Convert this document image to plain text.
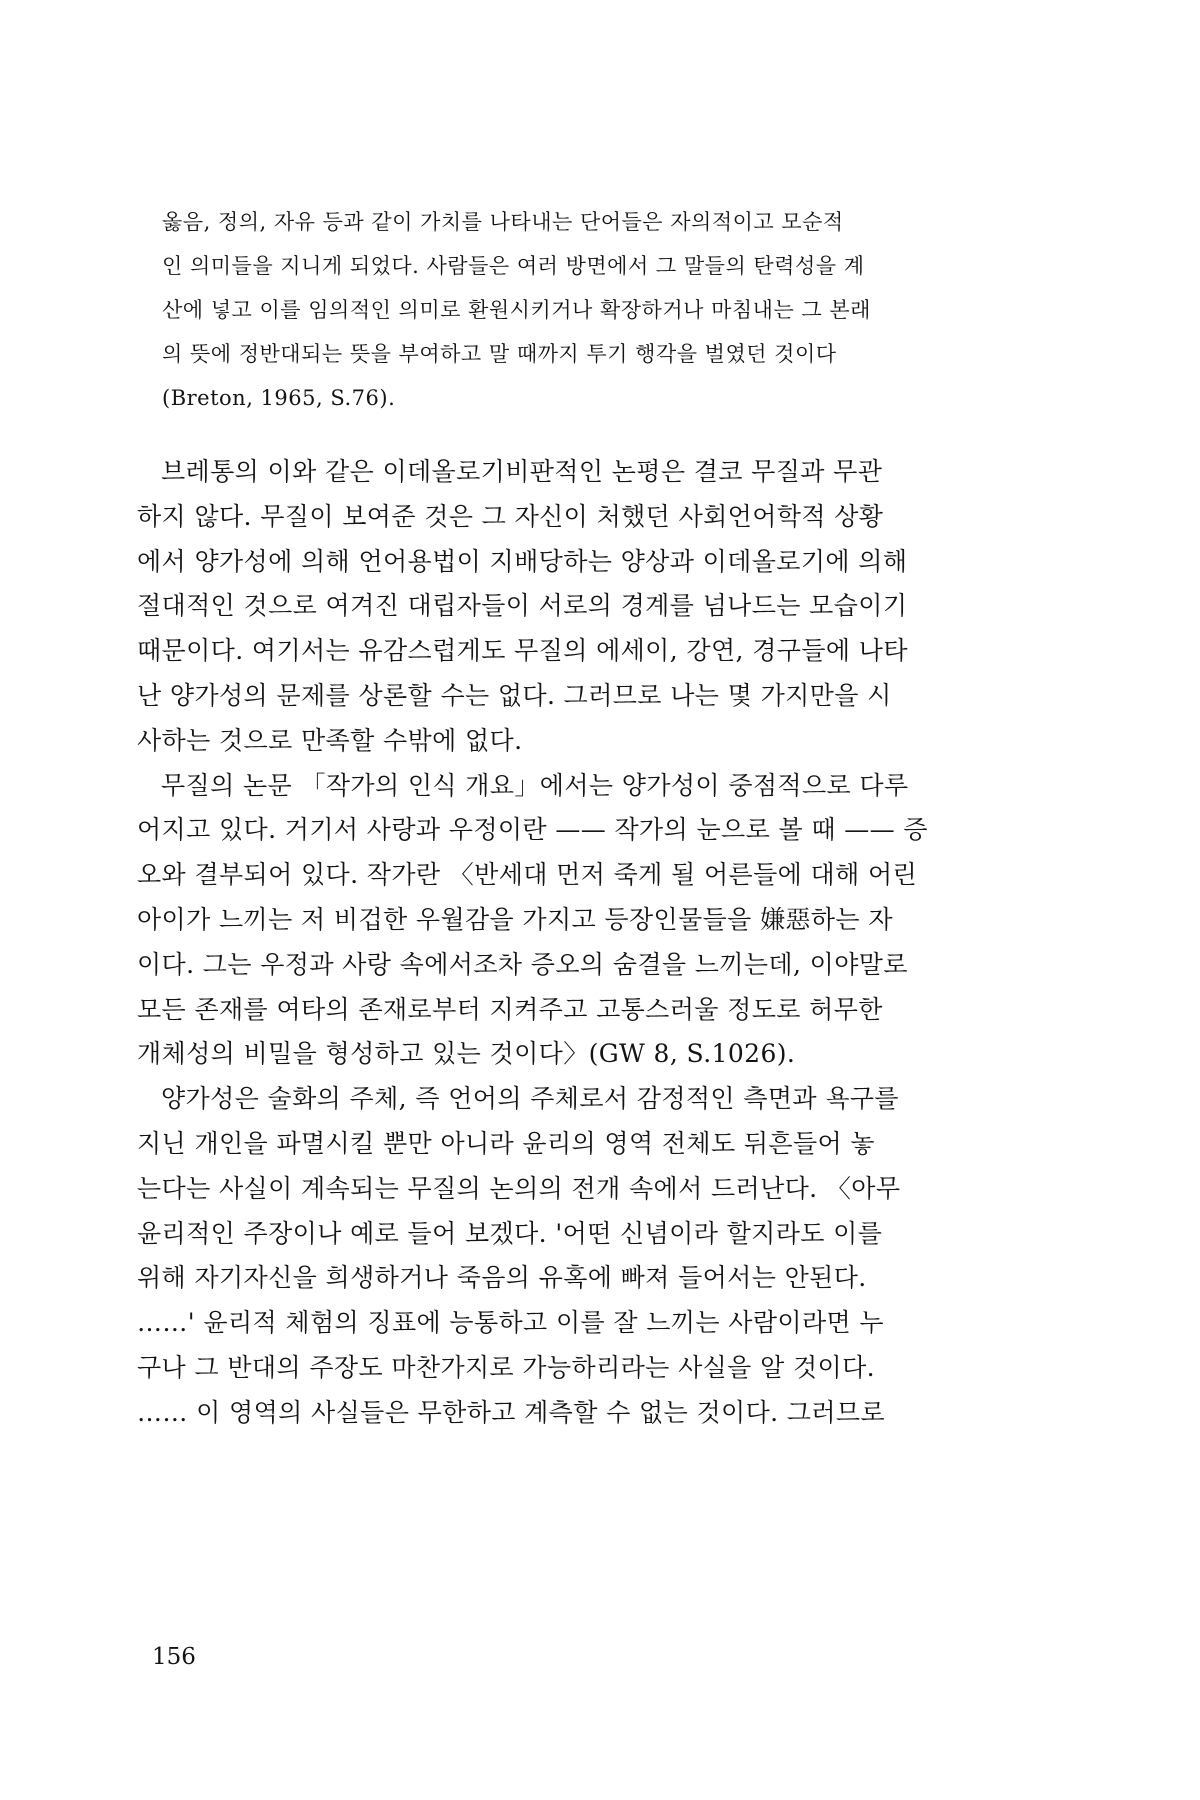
옳음, 정의, 자유 등과 같이 가치를 나타내는 단어들은 자의적이고 모순적
인 의미들을 지니게 되었다. 사람들은 여러 방면에서 그 말들의 탄력성을 계
산에 넣고 이를 임의적인 의미로 환원시키거나 확장하거나 마침내는 그 본래
의 뜻에 정반대되는 뜻을 부여하고 말 때까지 투기 행각을 벌였던 것이다
(Breton, 1965, S.76).
브레통의 이와 같은 이데올로기비판적인 논평은 결코 무질과 무관
하지 않다. 무질이 보여준 것은 그 자신이 처했던 사회언어학적 상황
에서 양가성에 의해 언어용법이 지배당하는 양상과 이데올로기에 의해
절대적인 것으로 여겨진 대립자들이 서로의 경계를 넘나드는 모습이기
때문이다. 여기서는 유감스럽게도 무질의 에세이, 강연, 경구들에 나타
난 양가성의 문제를 상론할 수는 없다. 그러므로 나는 몇 가지만을 시
사하는 것으로 만족할 수밖에 없다.
무질의 논문 「작가의 인식 개요」에서는 양가성이 중점적으로 다루
어지고 있다. 거기서 사랑과 우정이란 —— 작가의 눈으로 볼 때 —— 증
오와 결부되어 있다. 작가란 〈반세대 먼저 죽게 될 어른들에 대해 어린
아이가 느끼는 저 비겁한 우월감을 가지고 등장인물들을 嫌惡하는 자
이다. 그는 우정과 사랑 속에서조차 증오의 숨결을 느끼는데, 이야말로
모든 존재를 여타의 존재로부터 지켜주고 고통스러울 정도로 허무한
개체성의 비밀을 형성하고 있는 것이다〉(GW 8, S.1026).
양가성은 술화의 주체, 즉 언어의 주체로서 감정적인 측면과 욕구를
지닌 개인을 파멸시킬 뿐만 아니라 윤리의 영역 전체도 뒤흔들어 놓
는다는 사실이 계속되는 무질의 논의의 전개 속에서 드러난다. 〈아무
윤리적인 주장이나 예로 들어 보겠다. '어떤 신념이라 할지라도 이를
위해 자기자신을 희생하거나 죽음의 유혹에 빠져 들어서는 안된다.
……' 윤리적 체험의 징표에 능통하고 이를 잘 느끼는 사람이라면 누
구나 그 반대의 주장도 마찬가지로 가능하리라는 사실을 알 것이다.
…… 이 영역의 사실들은 무한하고 계측할 수 없는 것이다. 그러므로
156
